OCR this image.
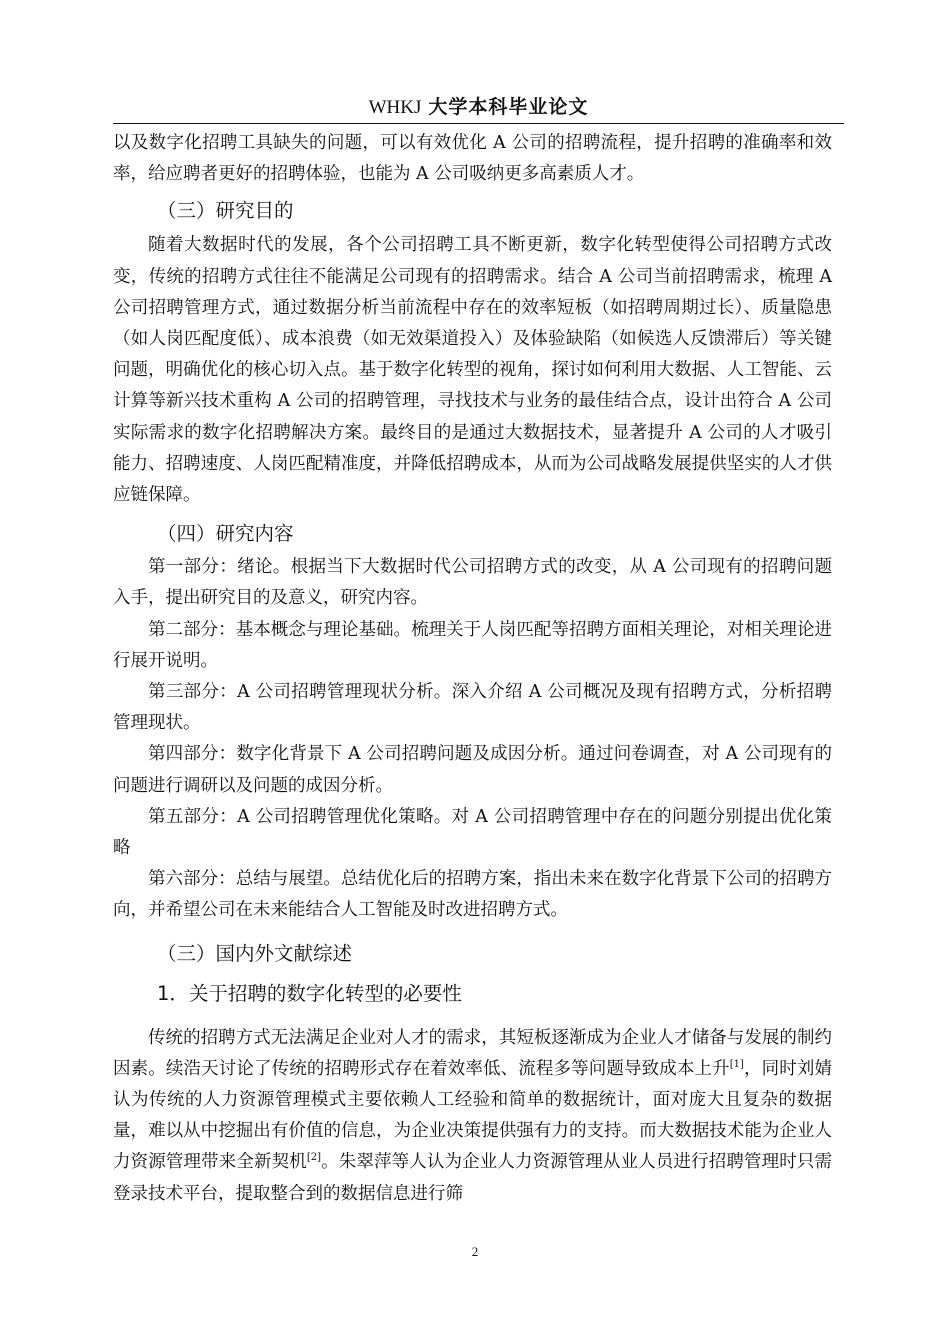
WHKJ 大学本科毕业论文

以及数字化招聘工具缺失的问题，可以有效优化 A 公司的招聘流程，提升招聘的准确率和效率，给应聘者更好的招聘体验，也能为 A 公司吸纳更多高素质人才。

（三）研究目的

随着大数据时代的发展，各个公司招聘工具不断更新，数字化转型使得公司招聘方式改变，传统的招聘方式往往不能满足公司现有的招聘需求。结合 A 公司当前招聘需求，梳理 A 公司招聘管理方式，通过数据分析当前流程中存在的效率短板（如招聘周期过长）、质量隐患（如人岗匹配度低）、成本浪费（如无效渠道投入）及体验缺陷（如候选人反馈滞后）等关键问题，明确优化的核心切入点。基于数字化转型的视角，探讨如何利用大数据、人工智能、云计算等新兴技术重构 A 公司的招聘管理，寻找技术与业务的最佳结合点，设计出符合 A 公司实际需求的数字化招聘解决方案。最终目的是通过大数据技术，显著提升 A 公司的人才吸引能力、招聘速度、人岗匹配精准度，并降低招聘成本，从而为公司战略发展提供坚实的人才供应链保障。

（四）研究内容

第一部分：绪论。根据当下大数据时代公司招聘方式的改变，从 A 公司现有的招聘问题入手，提出研究目的及意义，研究内容。

第二部分：基本概念与理论基础。梳理关于人岗匹配等招聘方面相关理论，对相关理论进行展开说明。

第三部分：A 公司招聘管理现状分析。深入介绍 A 公司概况及现有招聘方式，分析招聘管理现状。

第四部分：数字化背景下 A 公司招聘问题及成因分析。通过问卷调查，对 A 公司现有的问题进行调研以及问题的成因分析。

第五部分：A 公司招聘管理优化策略。对 A 公司招聘管理中存在的问题分别提出优化策略

第六部分：总结与展望。总结优化后的招聘方案，指出未来在数字化背景下公司的招聘方向，并希望公司在未来能结合人工智能及时改进招聘方式。

（三）国内外文献综述
1．关于招聘的数字化转型的必要性

传统的招聘方式无法满足企业对人才的需求，其短板逐渐成为企业人才储备与发展的制约因素。续浩天讨论了传统的招聘形式存在着效率低、流程多等问题导致成本上升[1]，同时刘婧认为传统的人力资源管理模式主要依赖人工经验和简单的数据统计，面对庞大且复杂的数据量，难以从中挖掘出有价值的信息，为企业决策提供强有力的支持。而大数据技术能为企业人力资源管理带来全新契机[2]。朱翠萍等人认为企业人力资源管理从业人员进行招聘管理时只需登录技术平台，提取整合到的数据信息进行筛

2
